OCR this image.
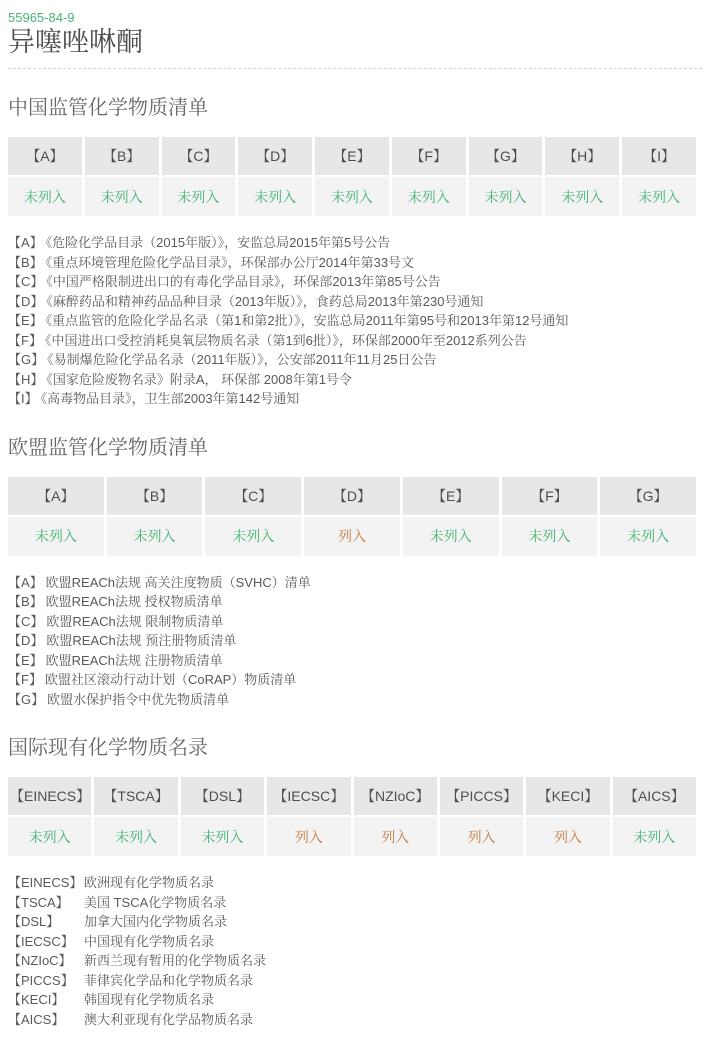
55965-84-9
异噻唑啉酮
中国监管化学物质清单
【A】	【B】	【C】	【D】	【E】	【F】	【G】	【H】	【I】
未列入	未列入	未列入	未列入	未列入	未列入	未列入	未列入	未列入
【A】 《危险化学品目录（2015年版）》，安监总局2015年第5号公告
【B】 《重点环境管理危险化学品目录》，环保部办公厅2014年第33号文
【C】 《中国严格限制进出口的有毒化学品目录》，环保部2013年第85号公告
【D】 《麻醉药品和精神药品品种目录（2013年版）》，食药总局2013年第230号通知
【E】 《重点监管的危险化学品名录（第1和第2批）》，安监总局2011年第95号和2013年第12号通知
【F】 《中国进出口受控消耗臭氧层物质名录（第1到6批）》，环保部2000年至2012系列公告
【G】 《易制爆危险化学品名录（2011年版）》，公安部2011年11月25日公告
【H】 《国家危险废物名录》附录A， 环保部 2008年第1号令
【I】 《高毒物品目录》，卫生部2003年第142号通知
欧盟监管化学物质清单
【A】	【B】	【C】	【D】	【E】	【F】	【G】
未列入	未列入	未列入	列入	未列入	未列入	未列入
【A】 欧盟REACh法规 高关注度物质（SVHC）清单
【B】 欧盟REACh法规 授权物质清单
【C】 欧盟REACh法规 限制物质清单
【D】 欧盟REACh法规 预注册物质清单
【E】 欧盟REACh法规 注册物质清单
【F】 欧盟社区滚动行动计划（CoRAP）物质清单
【G】 欧盟水保护指令中优先物质清单
国际现有化学物质名录
【EINECS】	【TSCA】	【DSL】	【IECSC】	【NZIoC】	【PICCS】	【KECI】	【AICS】
未列入	未列入	未列入	列入	列入	列入	列入	未列入
【EINECS】 欧洲现有化学物质名录
【TSCA】 美国 TSCA化学物质名录
【DSL】 加拿大国内化学物质名录
【IECSC】 中国现有化学物质名录
【NZIoC】 新西兰现有暂用的化学物质名录
【PICCS】 菲律宾化学品和化学物质名录
【KECI】 韩国现有化学物质名录
【AICS】 澳大利亚现有化学品物质名录
